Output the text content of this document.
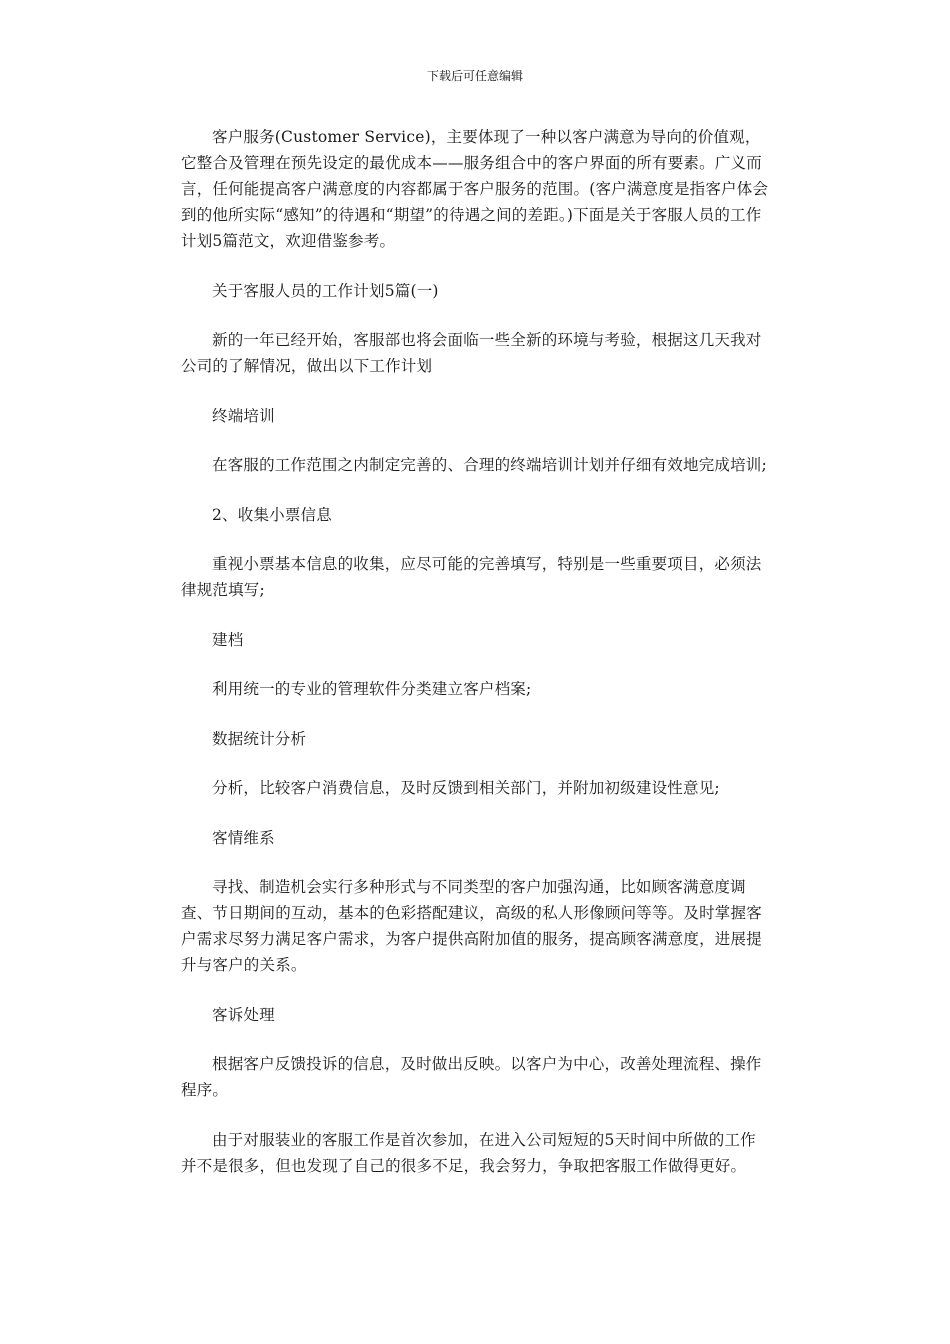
下载后可任意编辑

客户服务(Customer Service)，主要体现了一种以客户满意为导向的价值观，它整合及管理在预先设定的最优成本——服务组合中的客户界面的所有要素。广义而言，任何能提高客户满意度的内容都属于客户服务的范围。(客户满意度是指客户体会到的他所实际“感知”的待遇和“期望”的待遇之间的差距。)下面是关于客服人员的工作计划5篇范文，欢迎借鉴参考。

关于客服人员的工作计划5篇(一)

新的一年已经开始，客服部也将会面临一些全新的环境与考验，根据这几天我对公司的了解情况，做出以下工作计划

终端培训

在客服的工作范围之内制定完善的、合理的终端培训计划并仔细有效地完成培训;

2、收集小票信息

重视小票基本信息的收集，应尽可能的完善填写，特别是一些重要项目，必须法律规范填写;

建档

利用统一的专业的管理软件分类建立客户档案;

数据统计分析

分析，比较客户消费信息，及时反馈到相关部门，并附加初级建设性意见;

客情维系

寻找、制造机会实行多种形式与不同类型的客户加强沟通，比如顾客满意度调查、节日期间的互动，基本的色彩搭配建议，高级的私人形像顾问等等。及时掌握客户需求尽努力满足客户需求，为客户提供高附加值的服务，提高顾客满意度，进展提升与客户的关系。

客诉处理

根据客户反馈投诉的信息，及时做出反映。以客户为中心，改善处理流程、操作程序。

由于对服装业的客服工作是首次参加，在进入公司短短的5天时间中所做的工作并不是很多，但也发现了自己的很多不足，我会努力，争取把客服工作做得更好。
